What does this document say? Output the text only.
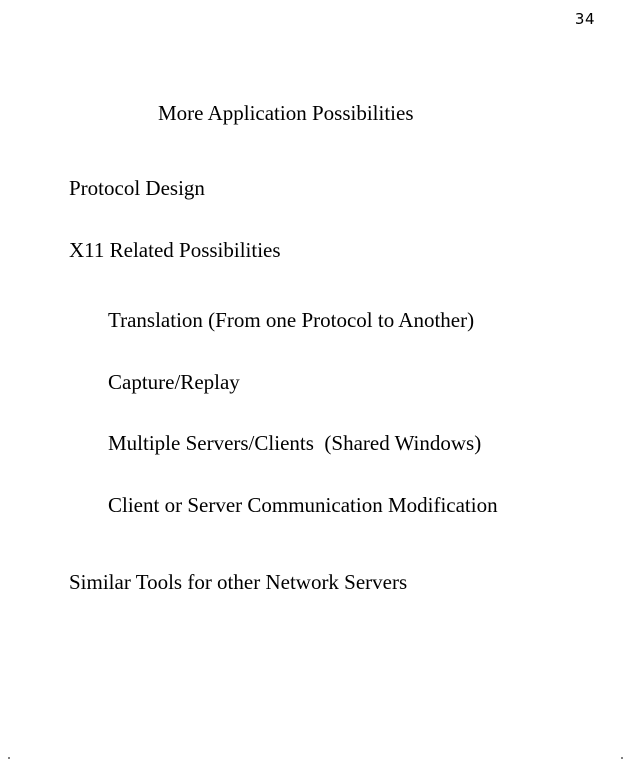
34
More Application Possibilities
Protocol Design
X11 Related Possibilities
Translation (From one Protocol to Another)
Capture/Replay
Multiple Servers/Clients  (Shared Windows)
Client or Server Communication Modification
Similar Tools for other Network Servers
